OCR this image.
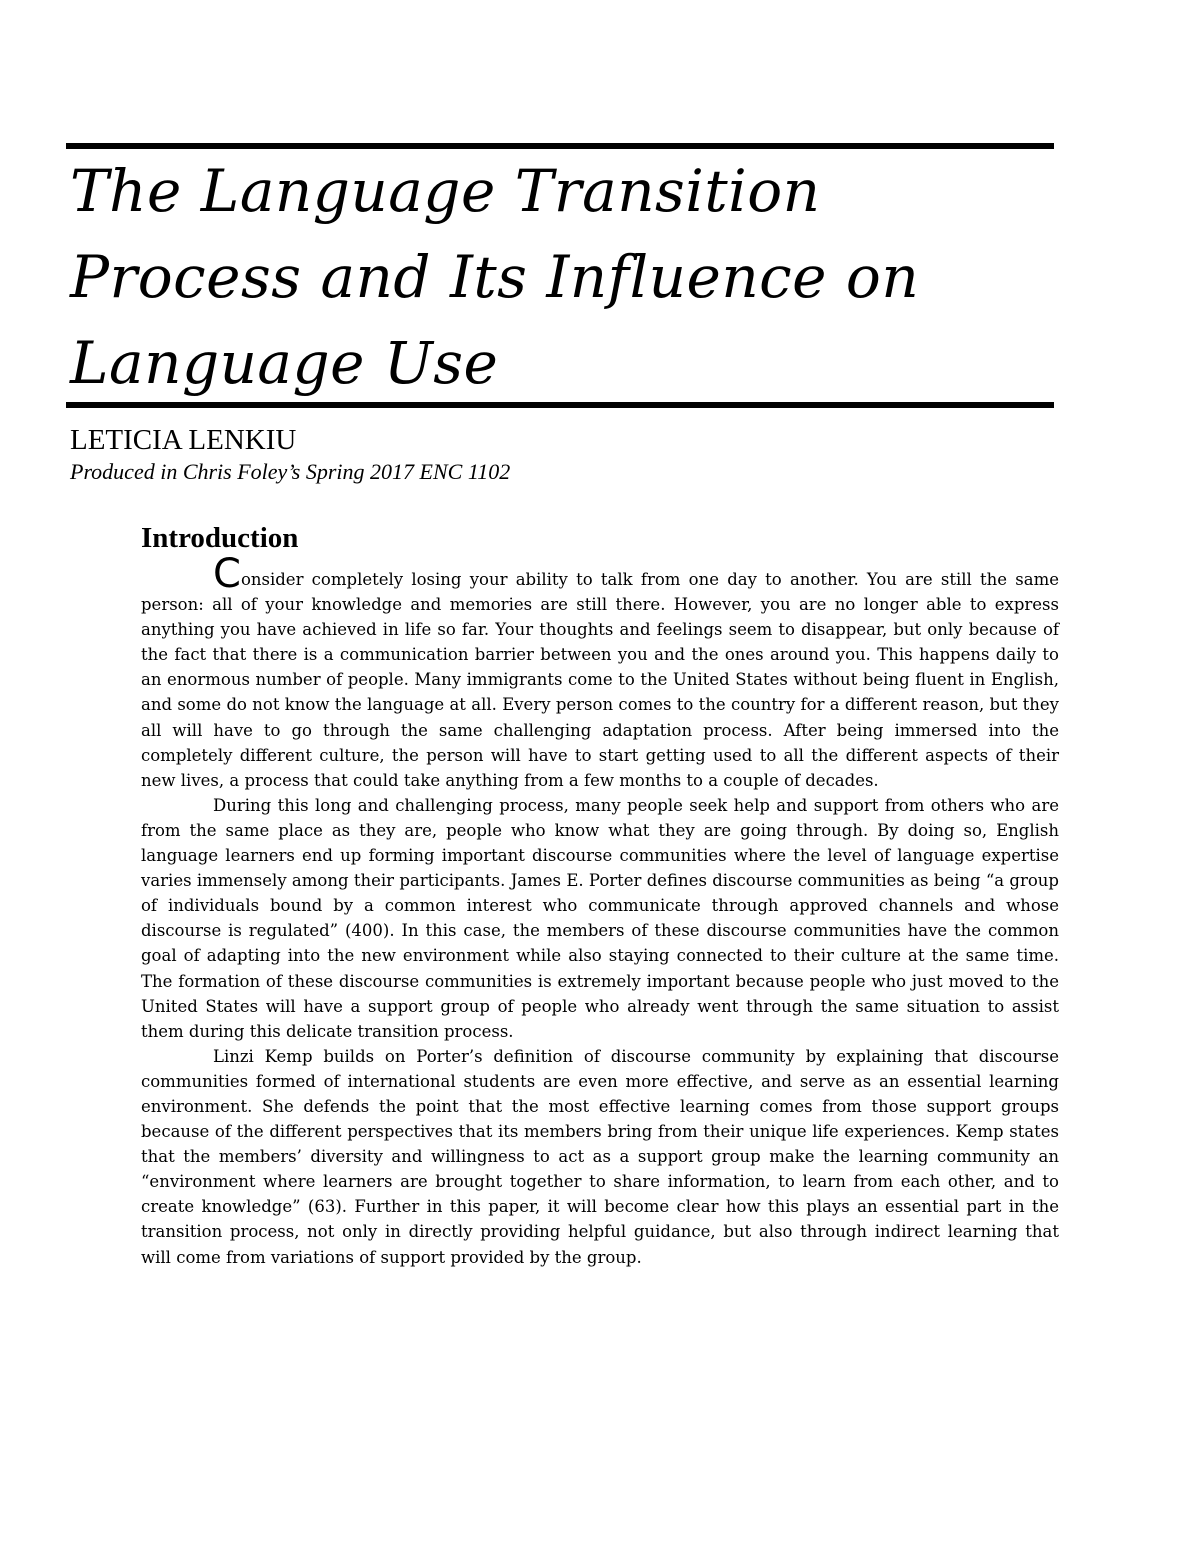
The Language Transition Process and Its Influence on Language Use
LETICIA LENKIU
Produced in Chris Foley’s Spring 2017 ENC 1102
Introduction

Consider completely losing your ability to talk from one day to another. You are still the same person: all of your knowledge and memories are still there. However, you are no longer able to express anything you have achieved in life so far. Your thoughts and feelings seem to disappear, but only because of the fact that there is a communication barrier between you and the ones around you. This happens daily to an enormous number of people. Many immigrants come to the United States without being fluent in English, and some do not know the language at all. Every person comes to the country for a different reason, but they all will have to go through the same challenging adaptation process. After being immersed into the completely different culture, the person will have to start getting used to all the different aspects of their new lives, a process that could take anything from a few months to a couple of decades.

During this long and challenging process, many people seek help and support from others who are from the same place as they are, people who know what they are going through. By doing so, English language learners end up forming important discourse communities where the level of language expertise varies immensely among their participants. James E. Porter defines discourse communities as being “a group of individuals bound by a common interest who communicate through approved channels and whose discourse is regulated” (400). In this case, the members of these discourse communities have the common goal of adapting into the new environment while also staying connected to their culture at the same time. The formation of these discourse communities is extremely important because people who just moved to the United States will have a support group of people who already went through the same situation to assist them during this delicate transition process.

Linzi Kemp builds on Porter’s definition of discourse community by explaining that discourse communities formed of international students are even more effective, and serve as an essential learning environment. She defends the point that the most effective learning comes from those support groups because of the different perspectives that its members bring from their unique life experiences. Kemp states that the members’ diversity and willingness to act as a support group make the learning community an “environment where learners are brought together to share information, to learn from each other, and to create knowledge” (63). Further in this paper, it will become clear how this plays an essential part in the transition process, not only in directly providing helpful guidance, but also through indirect learning that will come from variations of support provided by the group.
